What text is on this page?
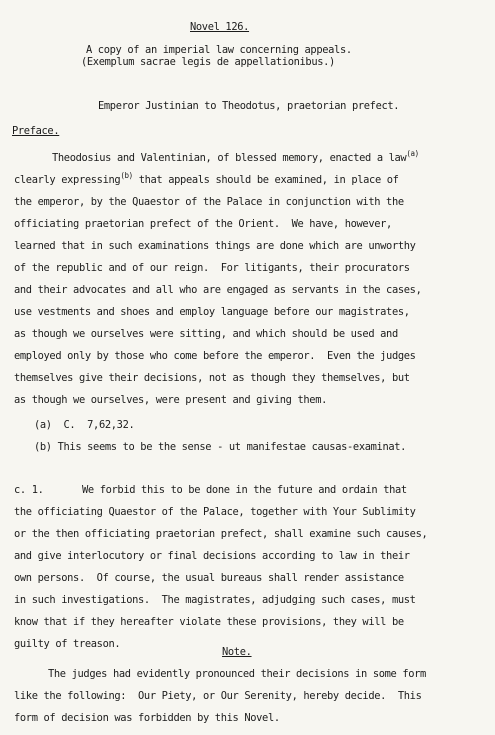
Novel 126.
A copy of an imperial law concerning appeals.
(Exemplum sacrae legis de appellationibus.)
Emperor Justinian to Theodotus, praetorian prefect.
Preface.
Theodosius and Valentinian, of blessed memory, enacted a law$^{(a)}$
clearly expressing$^{(b)}$ that appeals should be examined, in place of
the emperor, by the Quaestor of the Palace in conjunction with the
officiating praetorian prefect of the Orient.  We have, however,
learned that in such examinations things are done which are unworthy
of the republic and of our reign.  For litigants, their procurators
and their advocates and all who are engaged as servants in the cases,
use vestments and shoes and employ language before our magistrates,
as though we ourselves were sitting, and which should be used and
employed only by those who come before the emperor.  Even the judges
themselves give their decisions, not as though they themselves, but
as though we ourselves, were present and giving them.
(a) C.  7,62,32.
(b) This seems to be the sense - ut manifestae causas-examinat.
c. 1.	We forbid this to be done in the future and ordain that
the officiating Quaestor of the Palace, together with Your Sublimity
or the then officiating praetorian prefect, shall examine such causes,
and give interlocutory or final decisions according to law in their
own persons.  Of course, the usual bureaus shall render assistance
in such investigations.  The magistrates, adjudging such cases, must
know that if they hereafter violate these provisions, they will be
guilty of treason.
Note.
The judges had evidently pronounced their decisions in some form
like the following:  Our Piety, or Our Serenity, hereby decide.  This
form of decision was forbidden by this Novel.
